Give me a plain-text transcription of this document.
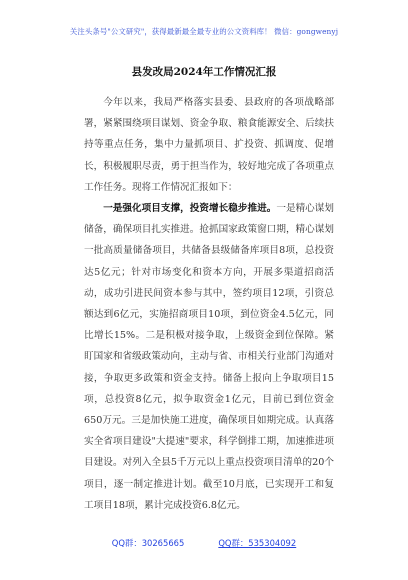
关注头条号"公文研究"，获得最新最全最专业的公文资料库！ 微信：gongwenyj
县发改局2024年工作情况汇报

今年以来，我局严格落实县委、县政府的各项战略部署，紧紧围绕项目谋划、资金争取、粮食能源安全、后续扶持等重点任务，集中力量抓项目、扩投资、抓调度、促增长，积极履职尽责，勇于担当作为，较好地完成了各项重点工作任务。现将工作情况汇报如下：

一是强化项目支撑，投资增长稳步推进。一是精心谋划储备，确保项目扎实推进。抢抓国家政策窗口期，精心谋划一批高质量储备项目，共储备县级储备库项目8项，总投资达5亿元；针对市场变化和资本方向，开展多渠道招商活动，成功引进民间资本参与其中，签约项目12项，引资总额达到6亿元，实施招商项目10项，到位资金4.5亿元，同比增长15%。二是积极对接争取，上级资金到位保障。紧盯国家和省级政策动向，主动与省、市相关行业部门沟通对接，争取更多政策和资金支持。储备上报向上争取项目15项，总投资8亿元，拟争取资金1亿元，目前已到位资金650万元。三是加快施工进度，确保项目如期完成。认真落实全省项目建设"大提速"要求，科学倒排工期，加速推进项目建设。对列入全县5千万元以上重点投资项目清单的20个项目，逐一制定推进计划。截至10月底，已实现开工和复工项目18项，累计完成投资6.8亿元。

QQ群：30265665	QQ群：535304092
